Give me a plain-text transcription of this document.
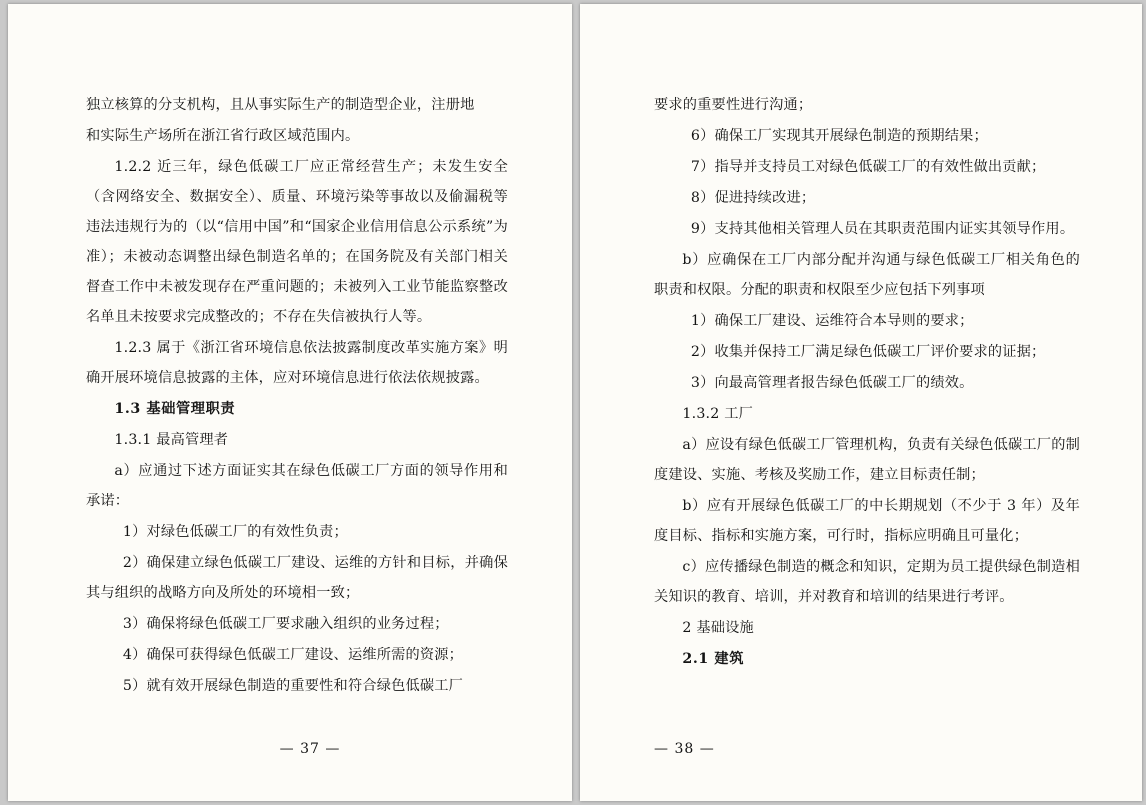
独立核算的分支机构，且从事实际生产的制造型企业，注册地

和实际生产场所在浙江省行政区域范围内。

1.2.2 近三年，绿色低碳工厂应正常经营生产；未发生安全（含网络安全、数据安全）、质量、环境污染等事故以及偷漏税等违法违规行为的（以“信用中国”和“国家企业信用信息公示系统”为准）；未被动态调整出绿色制造名单的；在国务院及有关部门相关督查工作中未被发现存在严重问题的；未被列入工业节能监察整改名单且未按要求完成整改的；不存在失信被执行人等。

1.2.3 属于《浙江省环境信息依法披露制度改革实施方案》明确开展环境信息披露的主体，应对环境信息进行依法依规披露。

1.3 基础管理职责

1.3.1 最高管理者

a）应通过下述方面证实其在绿色低碳工厂方面的领导作用和承诺：

1）对绿色低碳工厂的有效性负责；

2）确保建立绿色低碳工厂建设、运维的方针和目标，并确保其与组织的战略方向及所处的环境相一致；

3）确保将绿色低碳工厂要求融入组织的业务过程；

4）确保可获得绿色低碳工厂建设、运维所需的资源；

5）就有效开展绿色制造的重要性和符合绿色低碳工厂

— 37 —

要求的重要性进行沟通；

6）确保工厂实现其开展绿色制造的预期结果；

7）指导并支持员工对绿色低碳工厂的有效性做出贡献；

8）促进持续改进；

9）支持其他相关管理人员在其职责范围内证实其领导作用。

b）应确保在工厂内部分配并沟通与绿色低碳工厂相关角色的职责和权限。分配的职责和权限至少应包括下列事项

1）确保工厂建设、运维符合本导则的要求；

2）收集并保持工厂满足绿色低碳工厂评价要求的证据；

3）向最高管理者报告绿色低碳工厂的绩效。

1.3.2 工厂

a）应设有绿色低碳工厂管理机构，负责有关绿色低碳工厂的制度建设、实施、考核及奖励工作，建立目标责任制；

b）应有开展绿色低碳工厂的中长期规划（不少于 3 年）及年度目标、指标和实施方案，可行时，指标应明确且可量化；

c）应传播绿色制造的概念和知识，定期为员工提供绿色制造相关知识的教育、培训，并对教育和培训的结果进行考评。

2 基础设施

2.1 建筑

— 38 —
